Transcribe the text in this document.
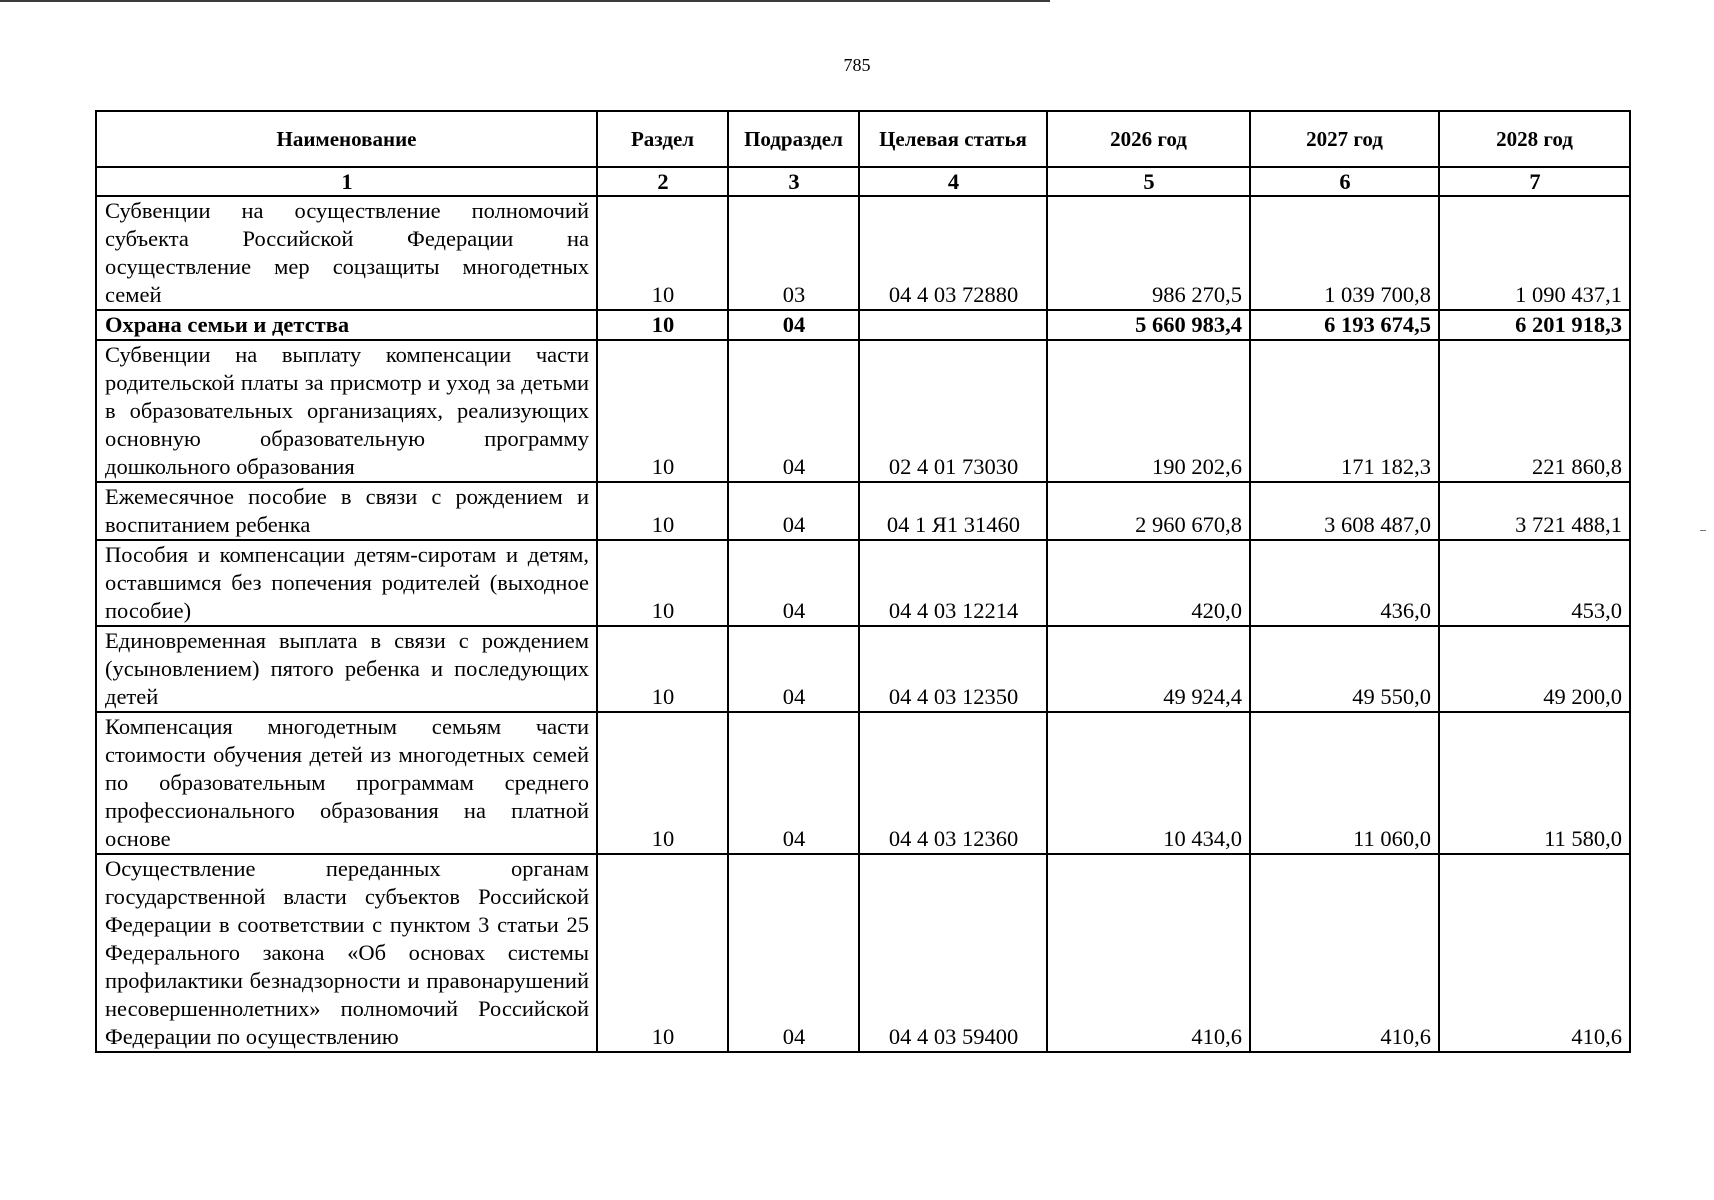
785
Наименование	Раздел	Подраздел	Целевая статья	2026 год	2027 год	2028 год
1	2	3	4	5	6	7
Субвенции на осуществление полномочий субъекта Российской Федерации на осуществление мер соцзащиты многодетных семей	10	03	04 4 03 72880	986 270,5	1 039 700,8	1 090 437,1
Охрана семьи и детства	10	04		5 660 983,4	6 193 674,5	6 201 918,3
Субвенции на выплату компенсации части родительской платы за присмотр и уход за детьми в образовательных организациях, реализующих основную образовательную программу дошкольного образования	10	04	02 4 01 73030	190 202,6	171 182,3	221 860,8
Ежемесячное пособие в связи с рождением и воспитанием ребенка	10	04	04 1 Я1 31460	2 960 670,8	3 608 487,0	3 721 488,1
Пособия и компенсации детям-сиротам и детям, оставшимся без попечения родителей (выходное пособие)	10	04	04 4 03 12214	420,0	436,0	453,0
Единовременная выплата в связи с рождением (усыновлением) пятого ребенка и последующих детей	10	04	04 4 03 12350	49 924,4	49 550,0	49 200,0
Компенсация многодетным семьям части стоимости обучения детей из многодетных семей по образовательным программам среднего профессионального образования на платной основе	10	04	04 4 03 12360	10 434,0	11 060,0	11 580,0
Осуществление переданных органам государственной власти субъектов Российской Федерации в соответствии с пунктом 3 статьи 25 Федерального закона «Об основах системы профилактики безнадзорности и правонарушений несовершеннолетних» полномочий Российской Федерации по осуществлению	10	04	04 4 03 59400	410,6	410,6	410,6
